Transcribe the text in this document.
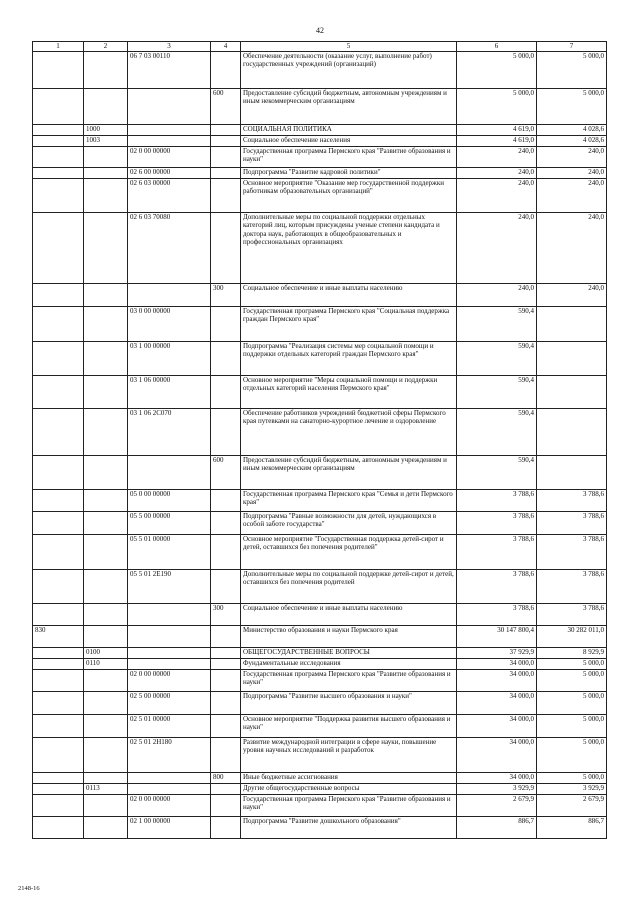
42
1	2	3	4	5	6	7
		06 7 03 00110		Обеспечение деятельности (оказание услуг, выполнение работ) государственных учреждений (организаций)	5 000,0	5 000,0
			600	Предоставление субсидий бюджетным, автономным учреждениям и иным некоммерческим организациям	5 000,0	5 000,0
	1000			СОЦИАЛЬНАЯ ПОЛИТИКА	4 619,0	4 028,6
	1003			Социальное обеспечение населения	4 619,0	4 028,6
		02 0 00 00000		Государственная программа Пермского края "Развитие образования и науки"	240,0	240,0
		02 6 00 00000		Подпрограмма "Развитие кадровой политики"	240,0	240,0
		02 6 03 00000		Основное мероприятие "Оказание мер государственной поддержки работникам образовательных организаций"	240,0	240,0
		02 6 03 70080		Дополнительные меры по социальной поддержки отдельных категорий лиц, которым присуждены ученые степени кандидата и доктора наук, работающих в общеобразовательных и профессиональных организациях	240,0	240,0
			300	Социальное обеспечение и иные выплаты населению	240,0	240,0
		03 0 00 00000		Государственная программа Пермского края "Социальная поддержка граждан Пермского края"	590,4	
		03 1 00 00000		Подпрограмма "Реализация системы мер социальной помощи и поддержки отдельных категорий граждан Пермского края"	590,4	
		03 1 06 00000		Основное мероприятие "Меры социальной помощи и поддержки отдельных категорий населения Пермского края"	590,4	
		03 1 06 2С070		Обеспечение работников учреждений бюджетной сферы Пермского края путевками на санаторно-курортное лечение и оздоровление	590,4	
			600	Предоставление субсидий бюджетным, автономным учреждениям и иным некоммерческим организациям	590,4	
		05 0 00 00000		Государственная программа Пермского края "Семья и дети Пермского края"	3 788,6	3 788,6
		05 5 00 00000		Подпрограмма "Равные возможности для детей, нуждающихся в особой заботе государства"	3 788,6	3 788,6
		05 5 01 00000		Основное мероприятие "Государственная поддержка детей-сирот и детей, оставшихся без попечения родителей"	3 788,6	3 788,6
		05 5 01 2Е190		Дополнительные меры по социальной поддержке детей-сирот и детей, оставшихся без попечения родителей	3 788,6	3 788,6
			300	Социальное обеспечение и иные выплаты населению	3 788,6	3 788,6
830				Министерство образования и науки Пермского края	30 147 800,4	30 282 011,0
	0100			ОБЩЕГОСУДАРСТВЕННЫЕ ВОПРОСЫ	37 929,9	8 929,9
	0110			Фундаментальные исследования	34 000,0	5 000,0
		02 0 00 00000		Государственная программа Пермского края "Развитие образования и науки"	34 000,0	5 000,0
		02 5 00 00000		Подпрограмма "Развитие высшего образования и науки"	34 000,0	5 000,0
		02 5 01 00000		Основное мероприятие "Поддержка развития высшего образования и науки"	34 000,0	5 000,0
		02 5 01 2Н180		Развитие международной интеграции в сфере науки, повышение уровня научных исследований и разработок	34 000,0	5 000,0
			800	Иные бюджетные ассигнования	34 000,0	5 000,0
	0113			Другие общегосударственные вопросы	3 929,9	3 929,9
		02 0 00 00000		Государственная программа Пермского края "Развитие образования и науки"	2 679,9	2 679,9
		02 1 00 00000		Подпрограмма "Развитие дошкольного образования"	886,7	886,7
2148-16
